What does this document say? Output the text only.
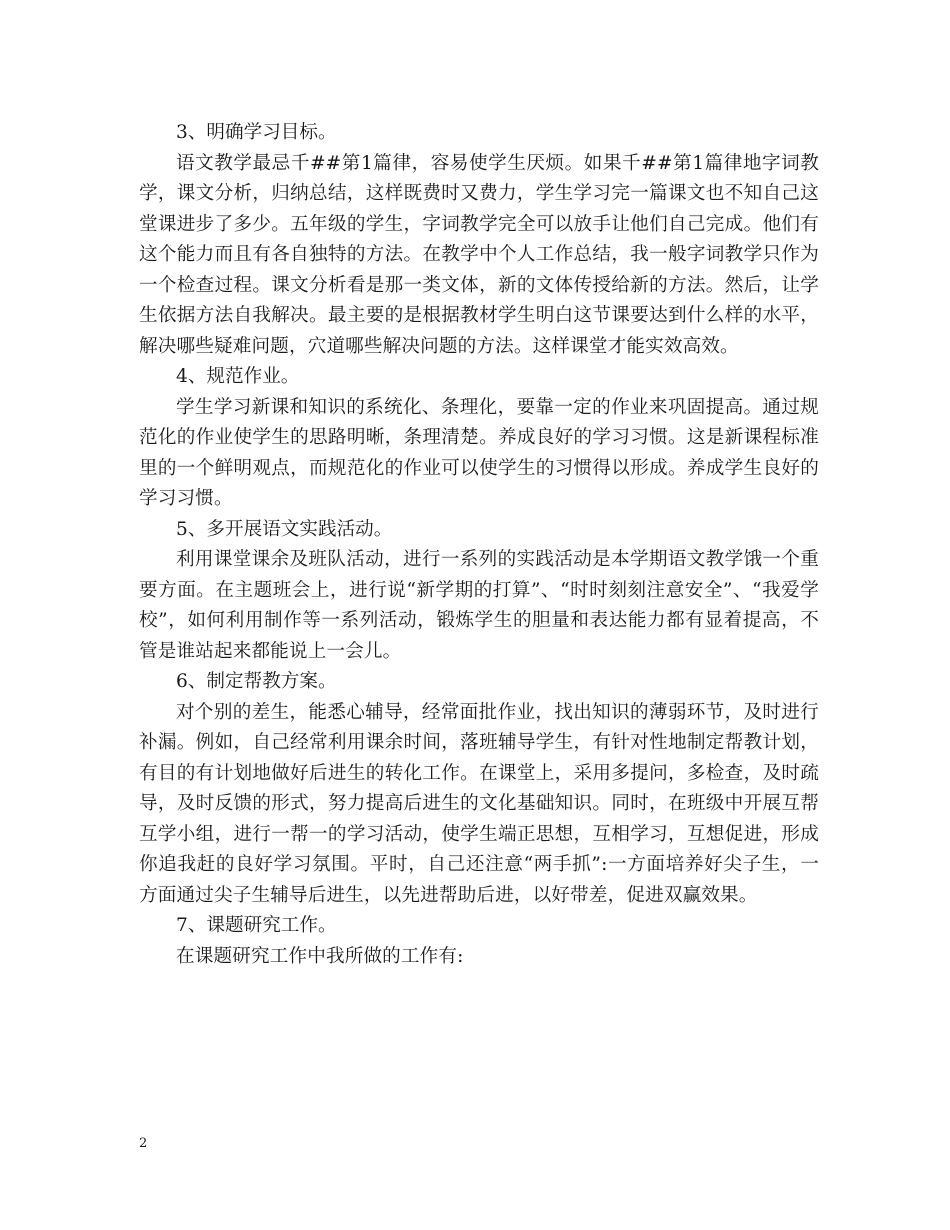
3、明确学习目标。

语文教学最忌千##第1篇律，容易使学生厌烦。如果千##第1篇律地字词教学，课文分析，归纳总结，这样既费时又费力，学生学习完一篇课文也不知自己这堂课进步了多少。五年级的学生，字词教学完全可以放手让他们自己完成。他们有这个能力而且有各自独特的方法。在教学中个人工作总结，我一般字词教学只作为一个检查过程。课文分析看是那一类文体，新的文体传授给新的方法。然后，让学生依据方法自我解决。最主要的是根据教材学生明白这节课要达到什么样的水平，解决哪些疑难问题，穴道哪些解决问题的方法。这样课堂才能实效高效。

4、规范作业。

学生学习新课和知识的系统化、条理化，要靠一定的作业来巩固提高。通过规范化的作业使学生的思路明晰，条理清楚。养成良好的学习习惯。这是新课程标准里的一个鲜明观点，而规范化的作业可以使学生的习惯得以形成。养成学生良好的学习习惯。

5、多开展语文实践活动。

利用课堂课余及班队活动，进行一系列的实践活动是本学期语文教学饿一个重要方面。在主题班会上，进行说“新学期的打算”、“时时刻刻注意安全”、“我爱学校”，如何利用制作等一系列活动，锻炼学生的胆量和表达能力都有显着提高，不管是谁站起来都能说上一会儿。

6、制定帮教方案。

对个别的差生，能悉心辅导，经常面批作业，找出知识的薄弱环节，及时进行补漏。例如，自己经常利用课余时间，落班辅导学生，有针对性地制定帮教计划，有目的有计划地做好后进生的转化工作。在课堂上，采用多提问，多检查，及时疏导，及时反馈的形式，努力提高后进生的文化基础知识。同时，在班级中开展互帮互学小组，进行一帮一的学习活动，使学生端正思想，互相学习，互想促进，形成你追我赶的良好学习氛围。平时，自己还注意“两手抓”:一方面培养好尖子生，一方面通过尖子生辅导后进生，以先进帮助后进，以好带差，促进双赢效果。

7、课题研究工作。

在课题研究工作中我所做的工作有:

2
